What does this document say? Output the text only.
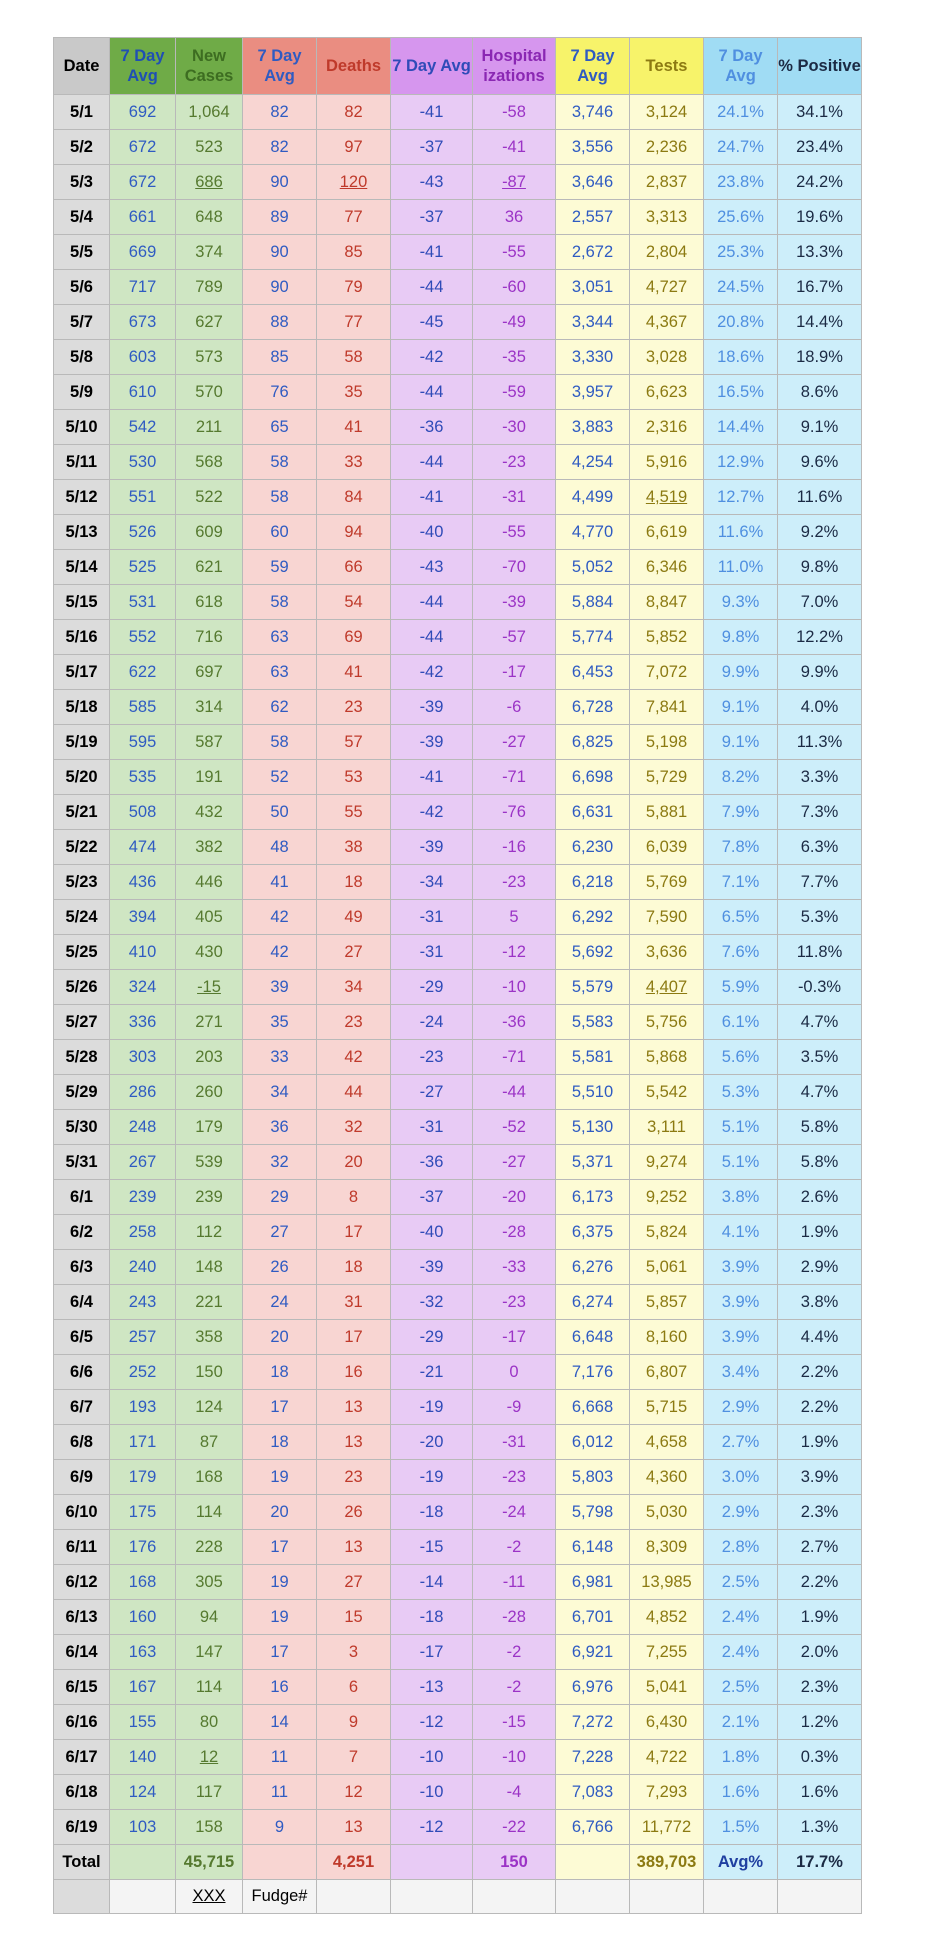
Date	7 Day Avg	New Cases	7 Day Avg	Deaths	7 Day Avg	Hospital izations	7 Day Avg	Tests	7 Day Avg	% Positive
5/1	692	1,064	82	82	-41	-58	3,746	3,124	24.1%	34.1%
5/2	672	523	82	97	-37	-41	3,556	2,236	24.7%	23.4%
5/3	672	686	90	120	-43	-87	3,646	2,837	23.8%	24.2%
5/4	661	648	89	77	-37	36	2,557	3,313	25.6%	19.6%
5/5	669	374	90	85	-41	-55	2,672	2,804	25.3%	13.3%
5/6	717	789	90	79	-44	-60	3,051	4,727	24.5%	16.7%
5/7	673	627	88	77	-45	-49	3,344	4,367	20.8%	14.4%
5/8	603	573	85	58	-42	-35	3,330	3,028	18.6%	18.9%
5/9	610	570	76	35	-44	-59	3,957	6,623	16.5%	8.6%
5/10	542	211	65	41	-36	-30	3,883	2,316	14.4%	9.1%
5/11	530	568	58	33	-44	-23	4,254	5,916	12.9%	9.6%
5/12	551	522	58	84	-41	-31	4,499	4,519	12.7%	11.6%
5/13	526	609	60	94	-40	-55	4,770	6,619	11.6%	9.2%
5/14	525	621	59	66	-43	-70	5,052	6,346	11.0%	9.8%
5/15	531	618	58	54	-44	-39	5,884	8,847	9.3%	7.0%
5/16	552	716	63	69	-44	-57	5,774	5,852	9.8%	12.2%
5/17	622	697	63	41	-42	-17	6,453	7,072	9.9%	9.9%
5/18	585	314	62	23	-39	-6	6,728	7,841	9.1%	4.0%
5/19	595	587	58	57	-39	-27	6,825	5,198	9.1%	11.3%
5/20	535	191	52	53	-41	-71	6,698	5,729	8.2%	3.3%
5/21	508	432	50	55	-42	-76	6,631	5,881	7.9%	7.3%
5/22	474	382	48	38	-39	-16	6,230	6,039	7.8%	6.3%
5/23	436	446	41	18	-34	-23	6,218	5,769	7.1%	7.7%
5/24	394	405	42	49	-31	5	6,292	7,590	6.5%	5.3%
5/25	410	430	42	27	-31	-12	5,692	3,636	7.6%	11.8%
5/26	324	-15	39	34	-29	-10	5,579	4,407	5.9%	-0.3%
5/27	336	271	35	23	-24	-36	5,583	5,756	6.1%	4.7%
5/28	303	203	33	42	-23	-71	5,581	5,868	5.6%	3.5%
5/29	286	260	34	44	-27	-44	5,510	5,542	5.3%	4.7%
5/30	248	179	36	32	-31	-52	5,130	3,111	5.1%	5.8%
5/31	267	539	32	20	-36	-27	5,371	9,274	5.1%	5.8%
6/1	239	239	29	8	-37	-20	6,173	9,252	3.8%	2.6%
6/2	258	112	27	17	-40	-28	6,375	5,824	4.1%	1.9%
6/3	240	148	26	18	-39	-33	6,276	5,061	3.9%	2.9%
6/4	243	221	24	31	-32	-23	6,274	5,857	3.9%	3.8%
6/5	257	358	20	17	-29	-17	6,648	8,160	3.9%	4.4%
6/6	252	150	18	16	-21	0	7,176	6,807	3.4%	2.2%
6/7	193	124	17	13	-19	-9	6,668	5,715	2.9%	2.2%
6/8	171	87	18	13	-20	-31	6,012	4,658	2.7%	1.9%
6/9	179	168	19	23	-19	-23	5,803	4,360	3.0%	3.9%
6/10	175	114	20	26	-18	-24	5,798	5,030	2.9%	2.3%
6/11	176	228	17	13	-15	-2	6,148	8,309	2.8%	2.7%
6/12	168	305	19	27	-14	-11	6,981	13,985	2.5%	2.2%
6/13	160	94	19	15	-18	-28	6,701	4,852	2.4%	1.9%
6/14	163	147	17	3	-17	-2	6,921	7,255	2.4%	2.0%
6/15	167	114	16	6	-13	-2	6,976	5,041	2.5%	2.3%
6/16	155	80	14	9	-12	-15	7,272	6,430	2.1%	1.2%
6/17	140	12	11	7	-10	-10	7,228	4,722	1.8%	0.3%
6/18	124	117	11	12	-10	-4	7,083	7,293	1.6%	1.6%
6/19	103	158	9	13	-12	-22	6,766	11,772	1.5%	1.3%
Total		45,715		4,251		150		389,703	Avg%	17.7%
		XXX	Fudge#							
